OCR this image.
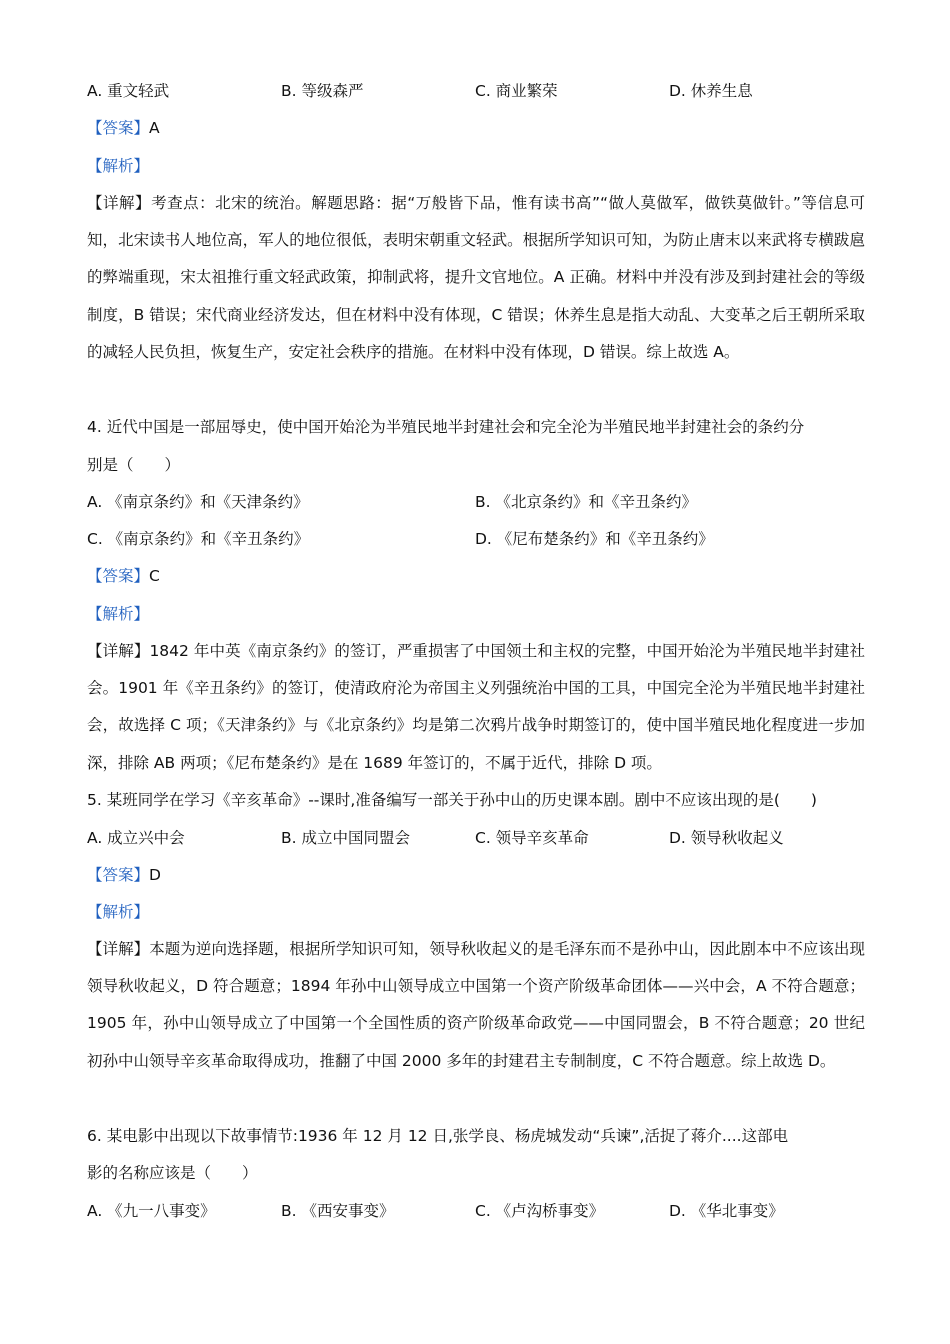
A. 重文轻武	B. 等级森严	C. 商业繁荣	D. 休养生息
【答案】A
【解析】
【详解】考查点：北宋的统治。解题思路：据“万般皆下品，惟有读书高”“做人莫做军，做铁莫做针。”等信息可知，北宋读书人地位高，军人的地位很低，表明宋朝重文轻武。根据所学知识可知，为防止唐末以来武将专横跋扈的弊端重现，宋太祖推行重文轻武政策，抑制武将，提升文官地位。A 正确。材料中并没有涉及到封建社会的等级制度，B 错误；宋代商业经济发达，但在材料中没有体现，C 错误；休养生息是指大动乱、大变革之后王朝所采取的减轻人民负担，恢复生产，安定社会秩序的措施。在材料中没有体现，D 错误。综上故选 A。
4. 近代中国是一部屈辱史，使中国开始沦为半殖民地半封建社会和完全沦为半殖民地半封建社会的条约分
别是（　　）
A. 《南京条约》和《天津条约》	B. 《北京条约》和《辛丑条约》
C. 《南京条约》和《辛丑条约》	D. 《尼布楚条约》和《辛丑条约》
【答案】C
【解析】
【详解】1842 年中英《南京条约》的签订，严重损害了中国领土和主权的完整，中国开始沦为半殖民地半封建社会。1901 年《辛丑条约》的签订，使清政府沦为帝国主义列强统治中国的工具，中国完全沦为半殖民地半封建社会，故选择 C 项；《天津条约》与《北京条约》均是第二次鸦片战争时期签订的，使中国半殖民地化程度进一步加深，排除 AB 两项；《尼布楚条约》是在 1689 年签订的，不属于近代，排除 D 项。
5. 某班同学在学习《辛亥革命》-‐课时,准备编写一部关于孙中山的历史课本剧。剧中不应该出现的是(　　)
A. 成立兴中会	B. 成立中国同盟会	C. 领导辛亥革命	D. 领导秋收起义
【答案】D
【解析】
【详解】本题为逆向选择题，根据所学知识可知，领导秋收起义的是毛泽东而不是孙中山，因此剧本中不应该出现领导秋收起义，D 符合题意；1894 年孙中山领导成立中国第一个资产阶级革命团体——兴中会，A 不符合题意；1905 年，孙中山领导成立了中国第一个全国性质的资产阶级革命政党——中国同盟会，B 不符合题意；20 世纪初孙中山领导辛亥革命取得成功，推翻了中国 2000 多年的封建君主专制制度，C 不符合题意。综上故选 D。
6. 某电影中出现以下故事情节:1936 年 12 月 12 日,张学良、杨虎城发动“兵谏”,活捉了蒋介....这部电
影的名称应该是（　　）
A. 《九一八事变》	B. 《西安事变》	C. 《卢沟桥事变》	D. 《华北事变》
